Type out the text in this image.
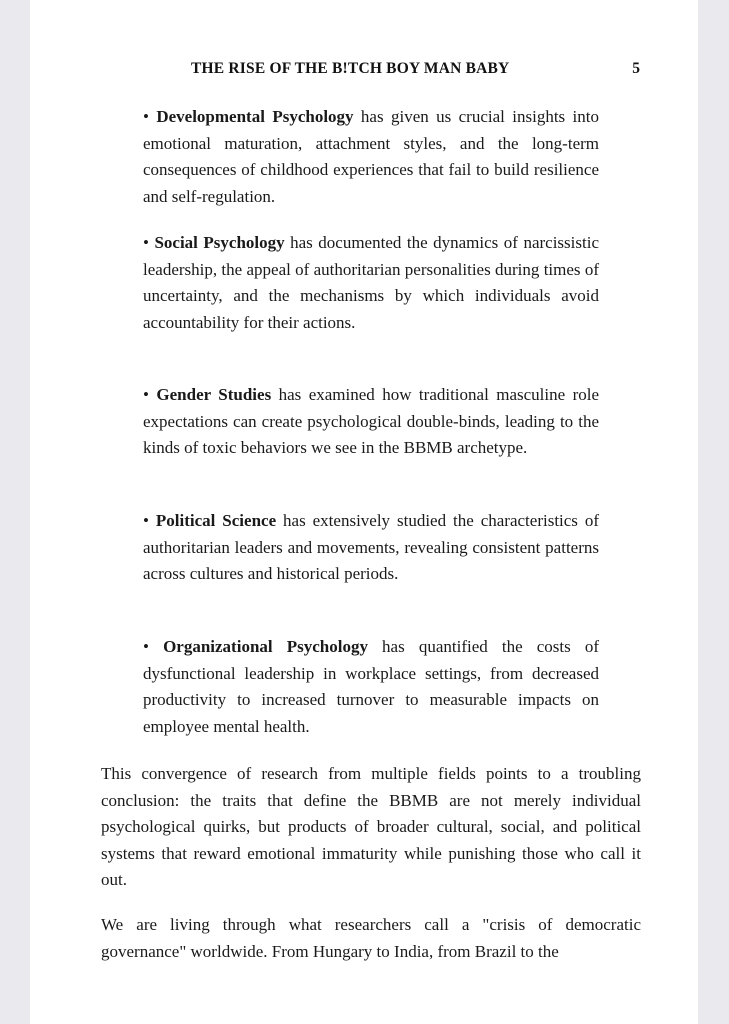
THE RISE OF THE B!TCH BOY MAN BABY	5

• Developmental Psychology has given us crucial insights into emotional maturation, attachment styles, and the long-term consequences of childhood experiences that fail to build resilience and self-regulation.

• Social Psychology has documented the dynamics of narcissistic leadership, the appeal of authoritarian personalities during times of uncertainty, and the mechanisms by which individuals avoid accountability for their actions.

• Gender Studies has examined how traditional masculine role expectations can create psychological double-binds, leading to the kinds of toxic behaviors we see in the BBMB archetype.

• Political Science has extensively studied the characteristics of authoritarian leaders and movements, revealing consistent patterns across cultures and historical periods.

• Organizational Psychology has quantified the costs of dysfunctional leadership in workplace settings, from decreased productivity to increased turnover to measurable impacts on employee mental health.

This convergence of research from multiple fields points to a troubling conclusion: the traits that define the BBMB are not merely individual psychological quirks, but products of broader cultural, social, and political systems that reward emotional immaturity while punishing those who call it out.

We are living through what researchers call a "crisis of democratic governance" worldwide. From Hungary to India, from Brazil to the
